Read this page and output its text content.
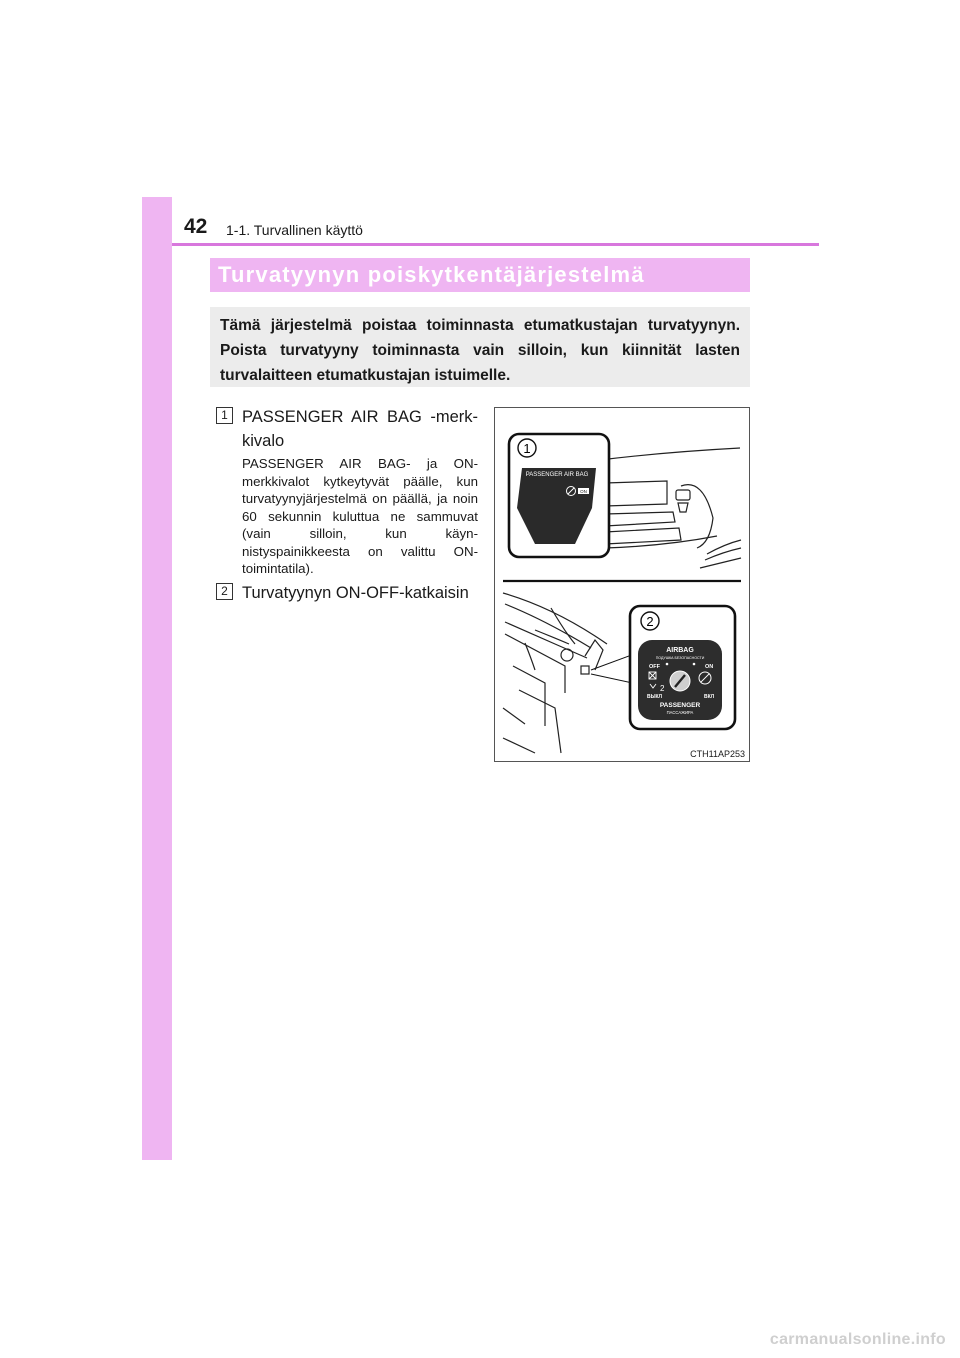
42 1-1. Turvallinen käyttö
Turvatyynyn poiskytkentäjärjestelmä
Tämä järjestelmä poistaa toiminnasta etumatkustajan turvatyynyn. Poista turvatyyny toiminnasta vain silloin, kun kiinnität lasten turvalaitteen etumatkustajan istuimelle.
1 PASSENGER AIR BAG -merk-kivalo
PASSENGER AIR BAG- ja ON-merkkivalot kytkeytyvät päälle, kun turvatyynyjärjestelmä on päällä, ja noin 60 sekunnin kuluttua ne sammuvat (vain silloin, kun käyn-nistyspainikkeesta on valittu ON-toimintatila).
2 Turvatyynyn ON-OFF-katkaisin
1
PASSENGER AIR BAG
ON
2
AIRBAG
ПОДУШКА БЕЗОПАСНОСТИ
OFF	ON
2
ВЫКЛ	ВКЛ
PASSENGER
ПАССАЖИРА
CTH11AP253
carmanualsonline.info
